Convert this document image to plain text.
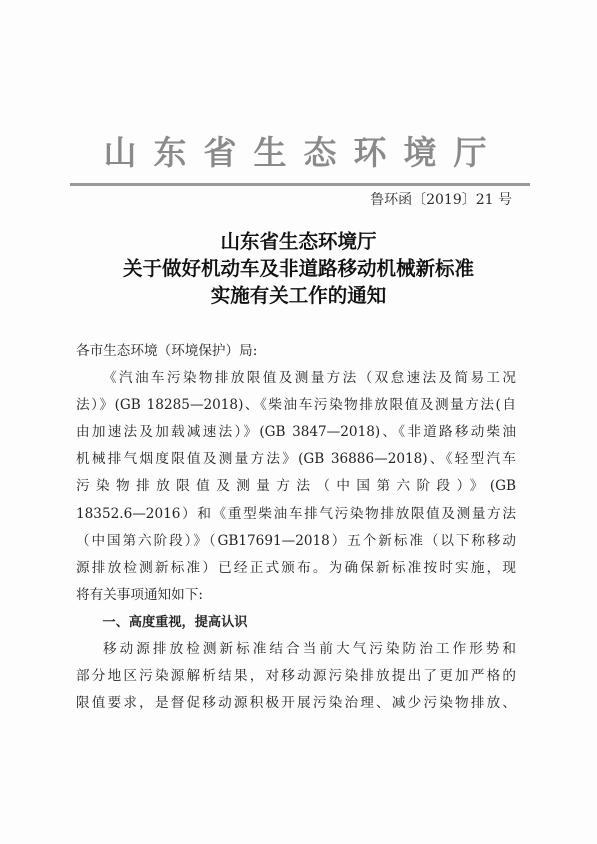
山东省生态环境厅
鲁环函〔2019〕21 号
山东省生态环境厅
关于做好机动车及非道路移动机械新标准
实施有关工作的通知

各市生态环境（环境保护）局:

《汽油车污染物排放限值及测量方法（双怠速法及简易工况
法）》(GB 18285—2018)、《柴油车污染物排放限值及测量方法(自
由加速法及加载减速法）》(GB 3847—2018)、《非道路移动柴油
机械排气烟度限值及测量方法》(GB 36886—2018)、《轻型汽车
污染物排放限值及测量方法（中国第六阶段）》(GB
18352.6—2016）和《重型柴油车排气污染物排放限值及测量方法
（中国第六阶段）》（GB17691—2018）五个新标准（以下称移动
源排放检测新标准）已经正式颁布。为确保新标准按时实施，现

将有关事项通知如下:

一、高度重视，提高认识

移动源排放检测新标准结合当前大气污染防治工作形势和
部分地区污染源解析结果，对移动源污染排放提出了更加严格的
限值要求，是督促移动源积极开展污染治理、减少污染物排放、
